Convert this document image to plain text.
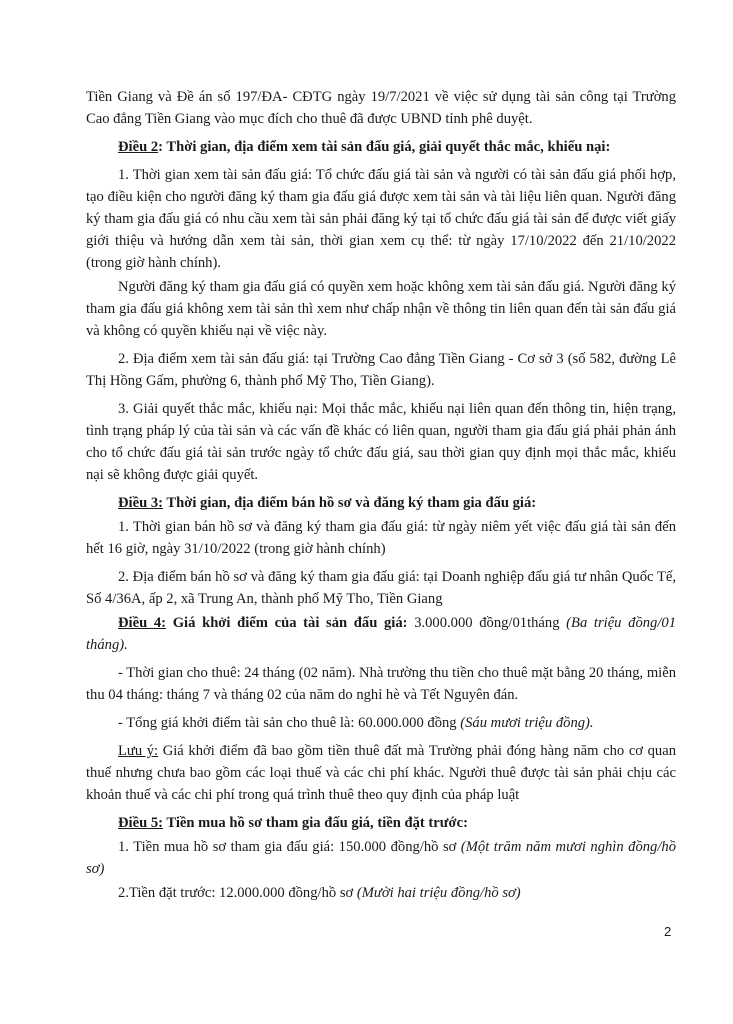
Tiền Giang và Đề án số 197/ĐA- CĐTG ngày 19/7/2021 về việc sử dụng tài sản công tại Trường Cao đẳng Tiền Giang vào mục đích cho thuê đã được UBND tỉnh phê duyệt.

Điều 2: Thời gian, địa điểm xem tài sản đấu giá, giải quyết thắc mắc, khiếu nại:

1. Thời gian xem tài sản đấu giá: Tổ chức đấu giá tài sản và người có tài sản đấu giá phối hợp, tạo điều kiện cho người đăng ký tham gia đấu giá được xem tài sản và tài liệu liên quan. Người đăng ký tham gia đấu giá có nhu cầu xem tài sản phải đăng ký tại tổ chức đấu giá tài sản để được viết giấy giới thiệu và hướng dẫn xem tài sản, thời gian xem cụ thể: từ ngày 17/10/2022 đến 21/10/2022 (trong giờ hành chính).

Người đăng ký tham gia đấu giá có quyền xem hoặc không xem tài sản đấu giá. Người đăng ký tham gia đấu giá không xem tài sản thì xem như chấp nhận về thông tin liên quan đến tài sản đấu giá và không có quyền khiếu nại về việc này.

2. Địa điểm xem tài sản đấu giá: tại Trường Cao đẳng Tiền Giang - Cơ sở 3 (số 582, đường Lê Thị Hồng Gấm, phường 6, thành phố Mỹ Tho, Tiền Giang).

3. Giải quyết thắc mắc, khiếu nại: Mọi thắc mắc, khiếu nại liên quan đến thông tin, hiện trạng, tình trạng pháp lý của tài sản và các vấn đề khác có liên quan, người tham gia đấu giá phải phản ánh cho tổ chức đấu giá tài sản trước ngày tổ chức đấu giá, sau thời gian quy định mọi thắc mắc, khiếu nại sẽ không được giải quyết.

Điều 3: Thời gian, địa điểm bán hồ sơ và đăng ký tham gia đấu giá:

1. Thời gian bán hồ sơ và đăng ký tham gia đấu giá: từ ngày niêm yết việc đấu giá tài sản đến hết 16 giờ, ngày 31/10/2022 (trong giờ hành chính)

2. Địa điểm bán hồ sơ và đăng ký tham gia đấu giá: tại Doanh nghiệp đấu giá tư nhân Quốc Tế, Số 4/36A, ấp 2, xã Trung An, thành phố Mỹ Tho, Tiền Giang

Điều 4: Giá khởi điểm của tài sản đấu giá: 3.000.000 đồng/01tháng (Ba triệu đồng/01 tháng).

- Thời gian cho thuê: 24 tháng (02 năm). Nhà trường thu tiền cho thuê mặt bằng 20 tháng, miễn thu 04 tháng: tháng 7 và tháng 02 của năm do nghỉ hè và Tết Nguyên đán.

- Tổng giá khởi điểm tài sản cho thuê là: 60.000.000 đồng (Sáu mươi triệu đồng).

Lưu ý: Giá khởi điểm đã bao gồm tiền thuê đất mà Trường phải đóng hàng năm cho cơ quan thuế nhưng chưa bao gồm các loại thuế và các chi phí khác. Người thuê được tài sản phải chịu các khoản thuế và các chi phí trong quá trình thuê theo quy định của pháp luật

Điều 5: Tiền mua hồ sơ tham gia đấu giá, tiền đặt trước:

1. Tiền mua hồ sơ tham gia đấu giá: 150.000 đồng/hồ sơ (Một trăm năm mươi nghìn đồng/hồ sơ)

2.Tiền đặt trước: 12.000.000 đồng/hồ sơ (Mười hai triệu đồng/hồ sơ)

2
